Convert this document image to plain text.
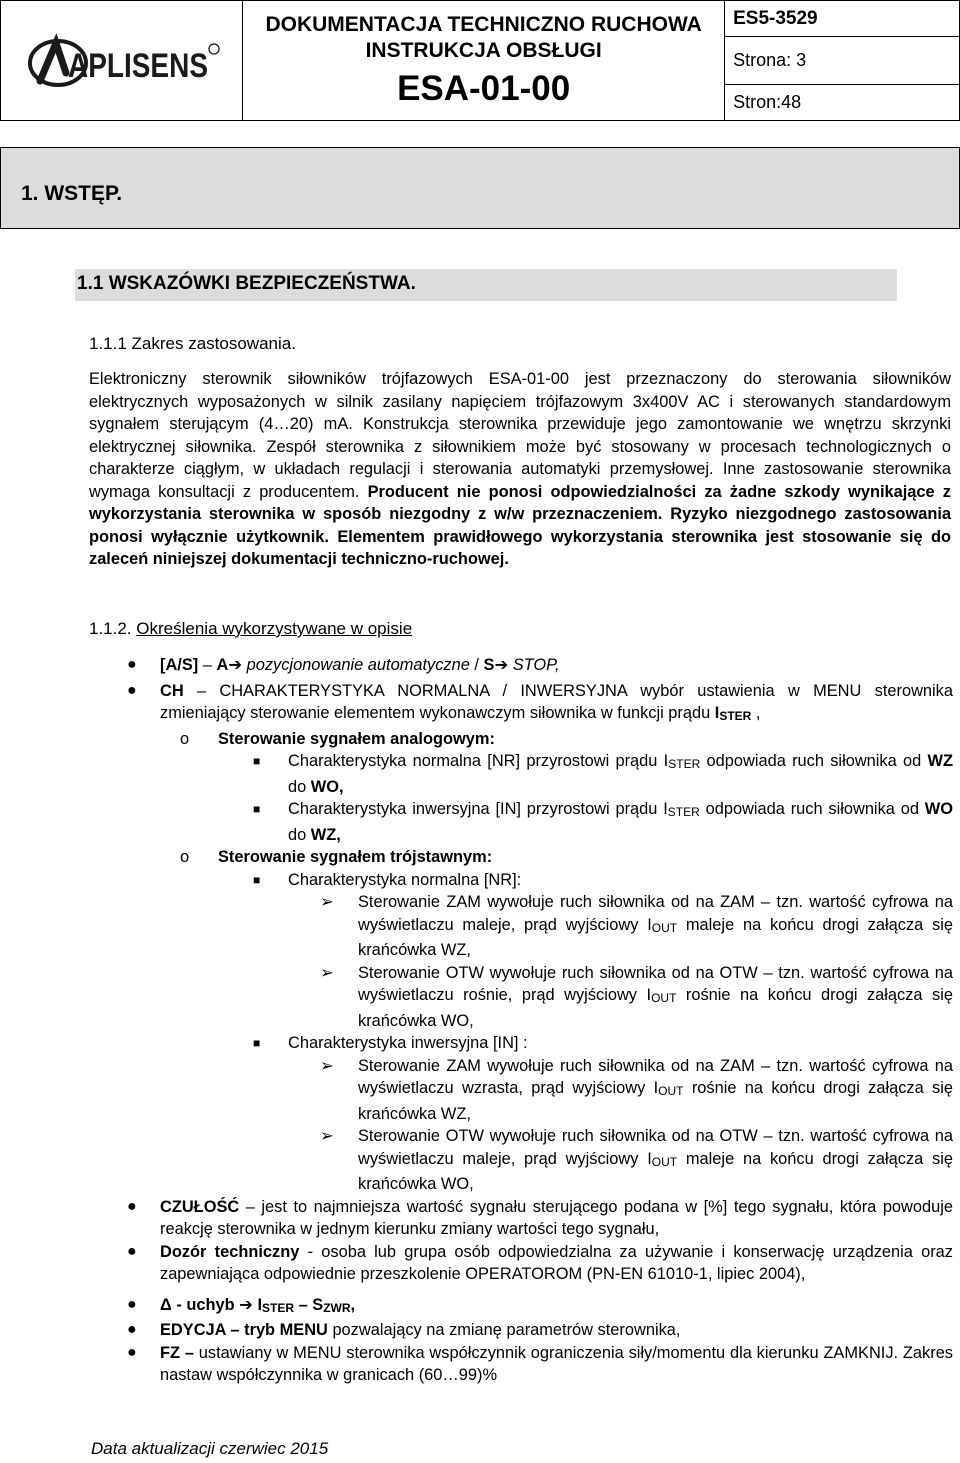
APLISENS

DOKUMENTACJA TECHNICZNO RUCHOWA
INSTRUKCJA OBSŁUGI
ESA-01-00
	ES5-3529
Strona: 3
Stron:48
1. WSTĘP.
1.1 WSKAZÓWKI BEZPIECZEŃSTWA.
1.1.1 Zakres zastosowania.
Elektroniczny sterownik siłowników trójfazowych ESA-01-00 jest przeznaczony do sterowania siłowników elektrycznych wyposażonych w silnik zasilany napięciem trójfazowym 3x400V AC i sterowanych standardowym sygnałem sterującym (4…20) mA. Konstrukcja sterownika przewiduje jego zamontowanie we wnętrzu skrzynki elektrycznej siłownika. Zespół sterownika z siłownikiem może być stosowany w procesach technologicznych o charakterze ciągłym, w układach regulacji i sterowania automatyki przemysłowej. Inne zastosowanie sterownika wymaga konsultacji z producentem. Producent nie ponosi odpowiedzialności za żadne szkody wynikające z wykorzystania sterownika w sposób niezgodny z w/w przeznaczeniem. Ryzyko niezgodnego zastosowania ponosi wyłącznie użytkownik. Elementem prawidłowego wykorzystania sterownika jest stosowanie się do zaleceń niniejszej dokumentacji techniczno-ruchowej.
1.1.2. Określenia wykorzystywane w opisie
● [A/S] – A➔ pozycjonowanie automatyczne / S➔ STOP,
● CH – CHARAKTERYSTYKA NORMALNA / INWERSYJNA wybór ustawienia w MENU sterownika zmieniający sterowanie elementem wykonawczym siłownika w funkcji prądu $I_{STER}$ ,
o Sterowanie sygnałem analogowym:
■ Charakterystyka normalna [NR] przyrostowi prądu $I_{STER}$ odpowiada ruch siłownika od WZ do WO,
■ Charakterystyka inwersyjna [IN] przyrostowi prądu $I_{STER}$ odpowiada ruch siłownika od WO do WZ,
o Sterowanie sygnałem trójstawnym:
■ Charakterystyka normalna [NR]:
➢ Sterowanie ZAM wywołuje ruch siłownika od na ZAM – tzn. wartość cyfrowa na wyświetlaczu maleje, prąd wyjściowy $I_{OUT}$ maleje na końcu drogi załącza się krańcówka WZ,
➢ Sterowanie OTW wywołuje ruch siłownika od na OTW – tzn. wartość cyfrowa na wyświetlaczu rośnie, prąd wyjściowy $I_{OUT}$ rośnie na końcu drogi załącza się krańcówka WO,
■ Charakterystyka inwersyjna [IN] :
➢ Sterowanie ZAM wywołuje ruch siłownika od na ZAM – tzn. wartość cyfrowa na wyświetlaczu wzrasta, prąd wyjściowy $I_{OUT}$ rośnie na końcu drogi załącza się krańcówka WZ,
➢ Sterowanie OTW wywołuje ruch siłownika od na OTW – tzn. wartość cyfrowa na wyświetlaczu maleje, prąd wyjściowy $I_{OUT}$ maleje na końcu drogi załącza się krańcówka WO,
● CZUŁOŚĆ – jest to najmniejsza wartość sygnału sterującego podana w [%] tego sygnału, która powoduje reakcję sterownika w jednym kierunku zmiany wartości tego sygnału,
● Dozór techniczny - osoba lub grupa osób odpowiedzialna za używanie i konserwację urządzenia oraz zapewniająca odpowiednie przeszkolenie OPERATOROM (PN-EN 61010-1, lipiec 2004),
● Δ - uchyb ➔ $I_{STER} - S_{ZWR}$,
● EDYCJA – tryb MENU pozwalający na zmianę parametrów sterownika,
● FZ – ustawiany w MENU sterownika współczynnik ograniczenia siły/momentu dla kierunku ZAMKNIJ. Zakres nastaw współczynnika w granicach (60…99)%
Data aktualizacji czerwiec 2015
